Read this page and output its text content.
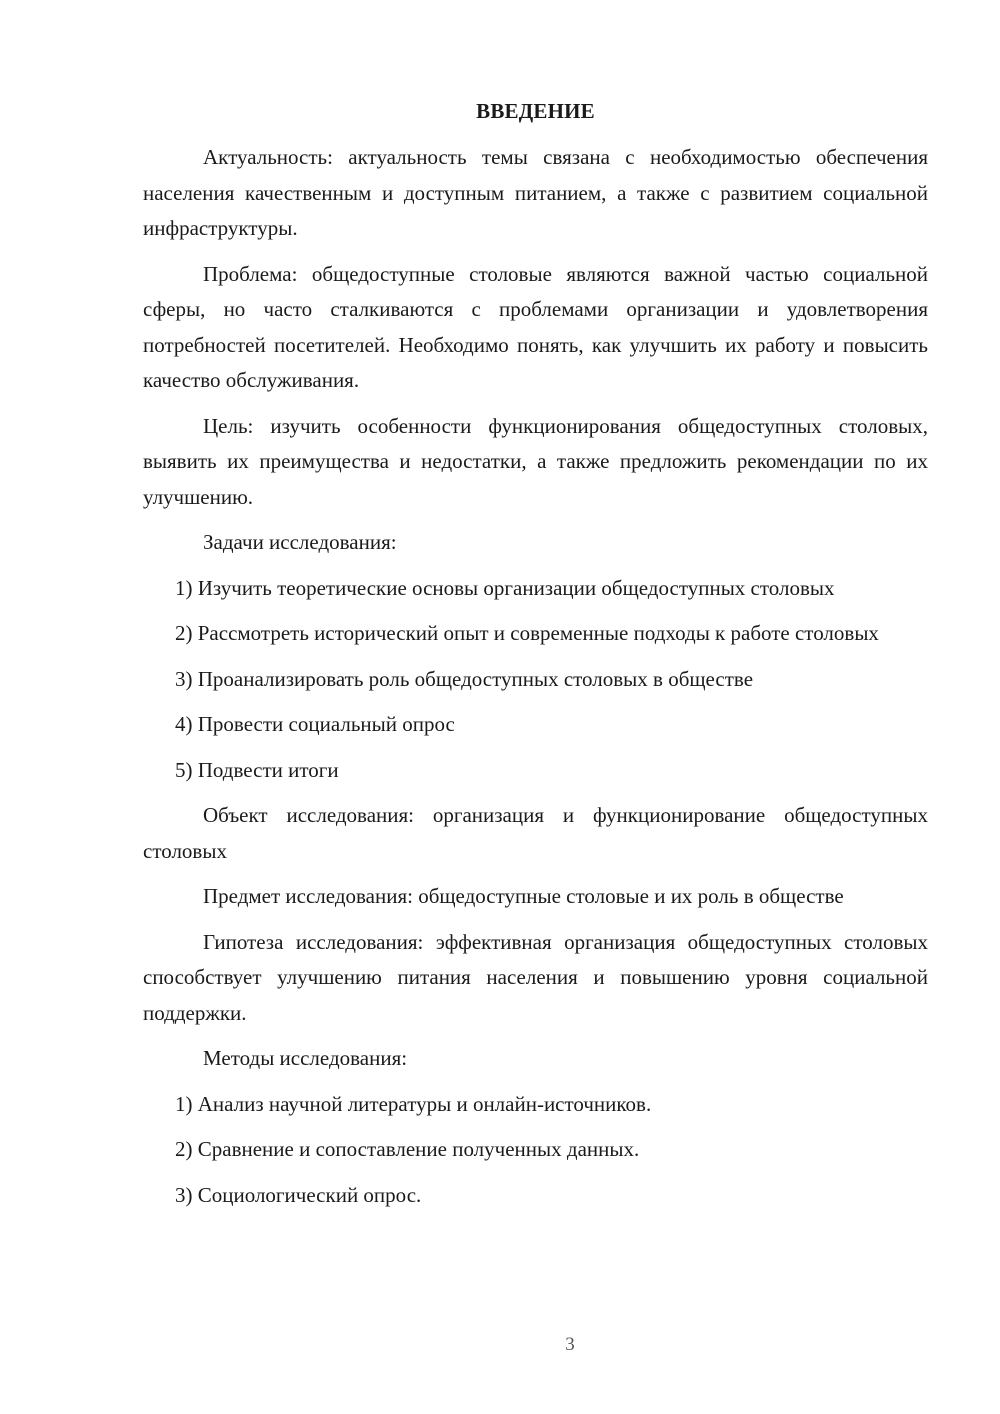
ВВЕДЕНИЕ

Актуальность: актуальность темы связана с необходимостью обеспечения населения качественным и доступным питанием, а также с развитием социальной инфраструктуры.

Проблема: общедоступные столовые являются важной частью социальной сферы, но часто сталкиваются с проблемами организации и удовлетворения потребностей посетителей. Необходимо понять, как улучшить их работу и повысить качество обслуживания.

Цель: изучить особенности функционирования общедоступных столовых, выявить их преимущества и недостатки, а также предложить рекомендации по их улучшению.

Задачи исследования:

1) Изучить теоретические основы организации общедоступных столовых

2) Рассмотреть исторический опыт и современные подходы к работе столовых

3) Проанализировать роль общедоступных столовых в обществе

4) Провести социальный опрос

5) Подвести итоги

Объект исследования: организация и функционирование общедоступных столовых

Предмет исследования: общедоступные столовые и их роль в обществе

Гипотеза исследования: эффективная организация общедоступных столовых способствует улучшению питания населения и повышению уровня социальной поддержки.

Методы исследования:

1) Анализ научной литературы и онлайн-источников.

2) Сравнение и сопоставление полученных данных.

3) Социологический опрос.

3
